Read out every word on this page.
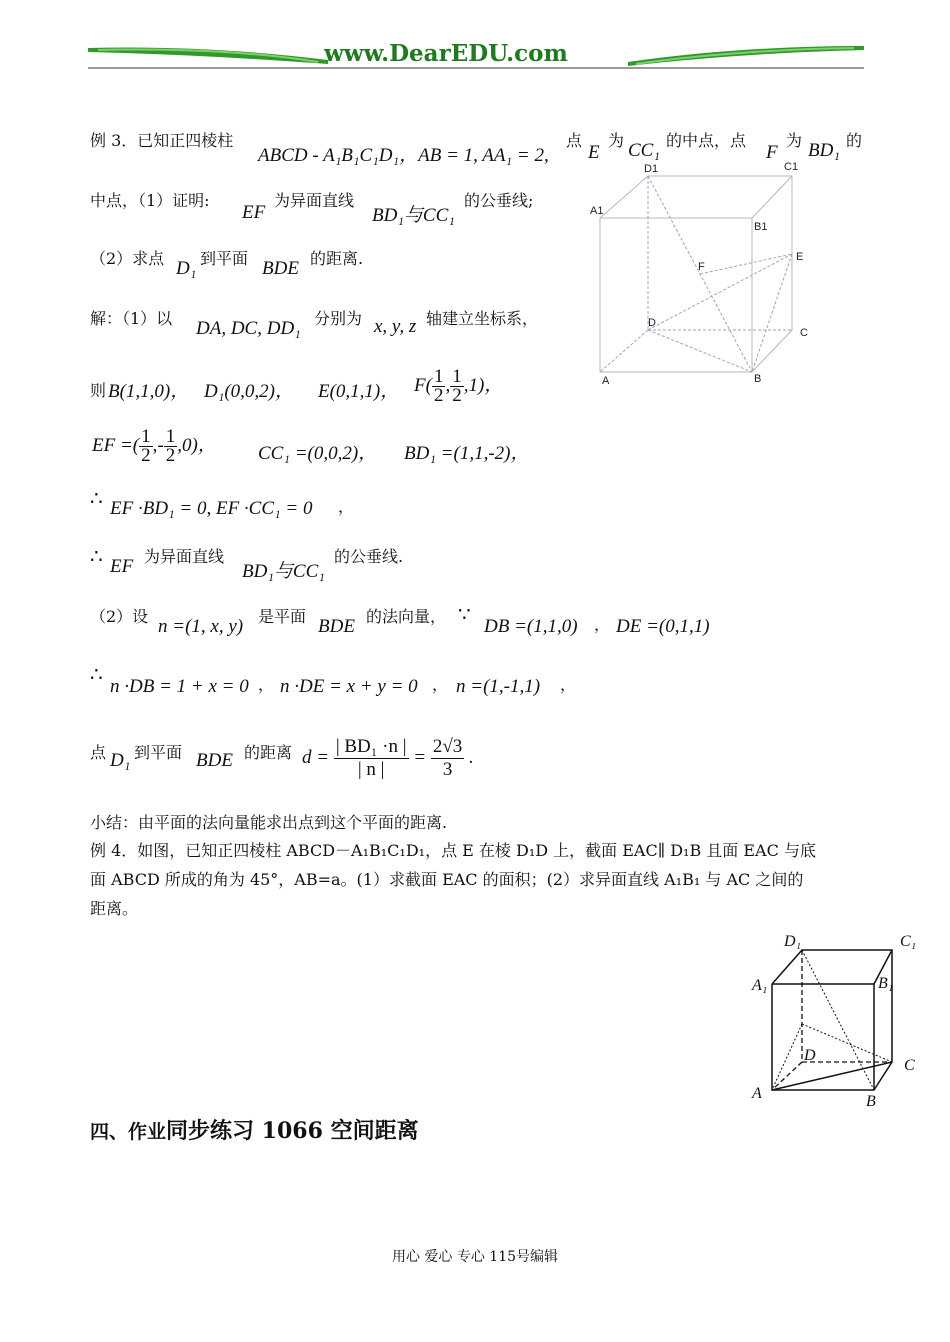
www.DearEDU.com
例 3．已知正四棱柱
ABCD - A₁B₁C₁D₁，AB = 1, AA₁ = 2,
点
E
为 CC₁ 的中点，点
F
为 BD₁ 的
中点，（1）证明:
EF
为异面直线
BD₁与CC₁
的公垂线;
（2）求点 D₁ 到平面 BDE 的距离.
D1	C1
A1
B1
F
E
D
C
A	B
解：（1）以 DA, DC, DD₁ 分别为 x, y, z 轴建立坐标系，
则 B(1,1,0)， D₁(0,0,2)， E(0,1,1)， $F( \frac{1}{2}$ , $\frac{1}{2} ,1$)，
EF =( $\frac{1}{2}$ ,- $\frac{1}{2} ,0$)， CC₁ =(0,0,2)， BD₁ =(1,1,-2)，
∴ EF ·BD₁ = 0, EF ·CC₁ = 0 ，
∴ EF 为异面直线
BD₁与CC₁
的公垂线.
（2）设 n =(1, x, y) 是平面 BDE 的法向量， ∵
DB =(1,1,0) ， DE =(0,1,1)
∴
n ·DB = 1 + x = 0 ， n ·DE = x + y = 0 ， n =(1,-1,1) ，
点 D₁ 到平面 BDE 的距离 $d = \frac{\text{| BD₁ ·n |}}{| n |} = \frac{2√3}{3}$ .
小结：由平面的法向量能求出点到这个平面的距离.
例 4．如图，已知正四棱柱 ABCD－A₁B₁C₁D₁，点 E 在棱 D₁D 上，截面 EAC∥ D₁B 且面 EAC 与底
面 ABCD 所成的角为 45°，AB=a。(1）求截面 EAC 的面积；(2）求异面直线 A₁B₁ 与 AC 之间的
距离。
D₁	C₁
A₁	B₁
D
C
A	B
四、作业同步练习 1066 空间距离
用心 爱心 专心 115号编辑
